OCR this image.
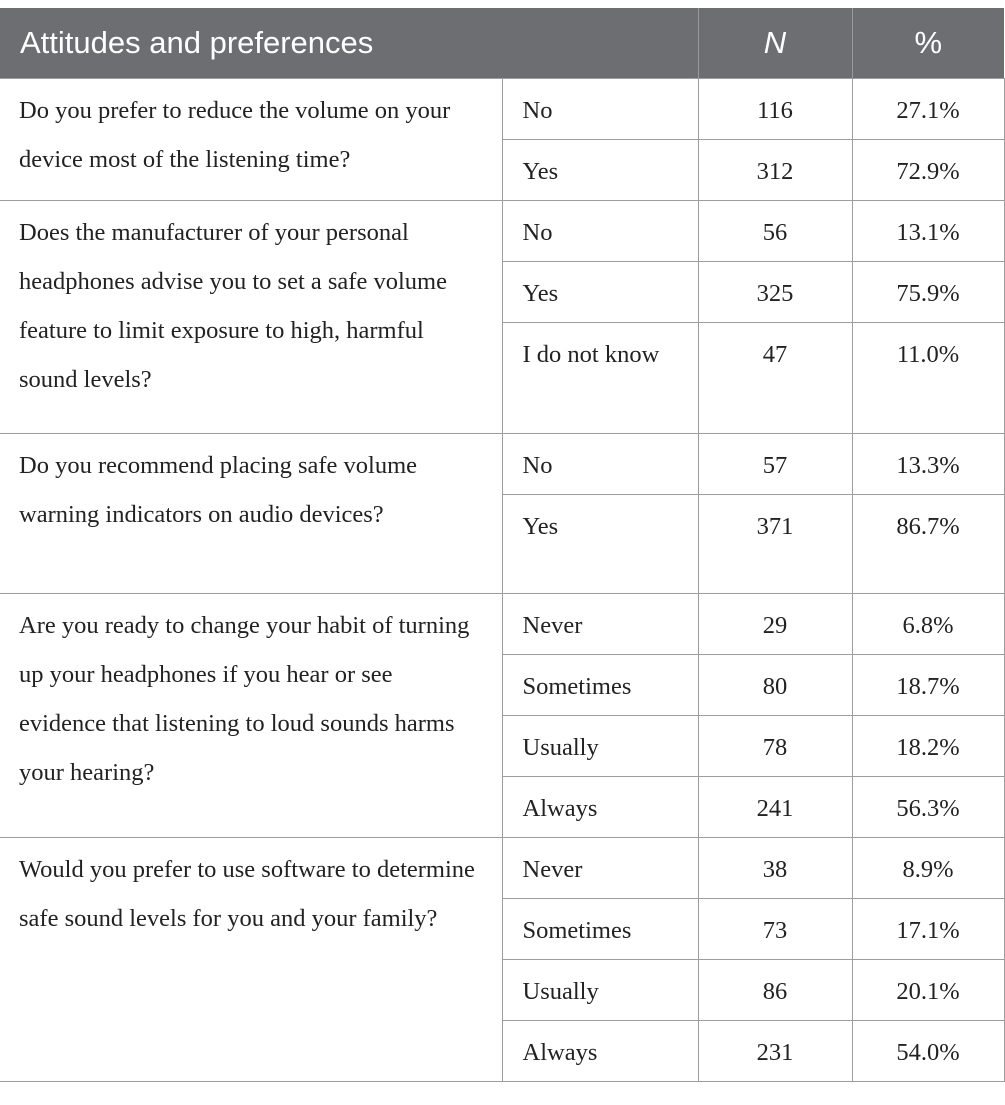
Attitudes and preferences		N	%
Do you prefer to reduce the volume on your device most of the listening time?	No	116	27.1%
	Yes	312	72.9%
Does the manufacturer of your personal headphones advise you to set a safe volume feature to limit exposure to high, harmful sound levels?	No	56	13.1%
	Yes	325	75.9%
	I do not know	47	11.0%
Do you recommend placing safe volume warning indicators on audio devices?	No	57	13.3%
	Yes	371	86.7%
Are you ready to change your habit of turning up your headphones if you hear or see evidence that listening to loud sounds harms your hearing?	Never	29	6.8%
	Sometimes	80	18.7%
	Usually	78	18.2%
	Always	241	56.3%
Would you prefer to use software to determine safe sound levels for you and your family?	Never	38	8.9%
	Sometimes	73	17.1%
	Usually	86	20.1%
	Always	231	54.0%
